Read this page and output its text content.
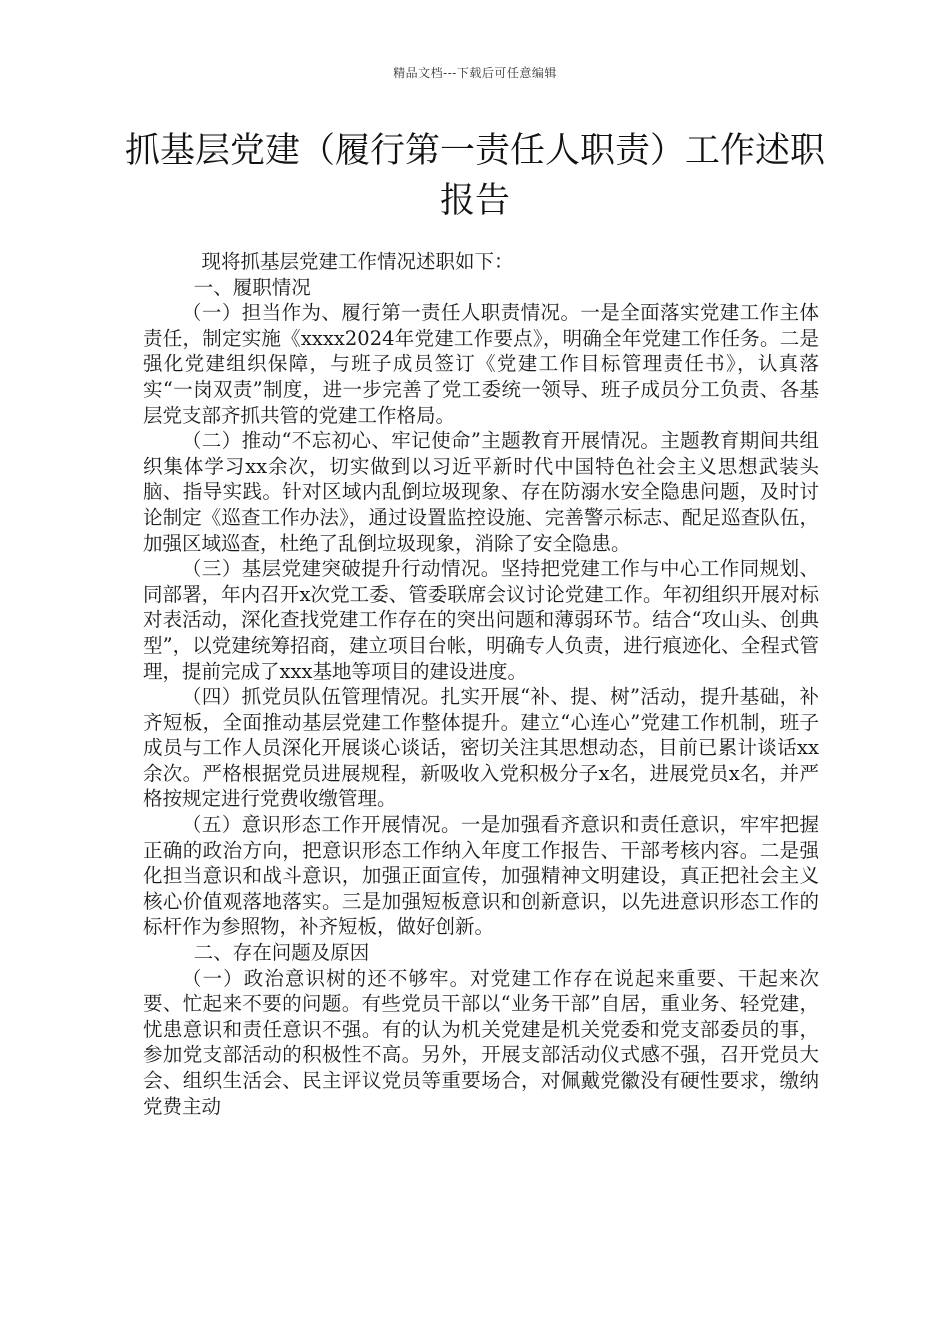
精品文档---下载后可任意编辑
抓基层党建（履行第一责任人职责）工作述职报告

现将抓基层党建工作情况述职如下：

一、履职情况

（一）担当作为、履行第一责任人职责情况。一是全面落实党建工作主体责任，制定实施《xxxx2024年党建工作要点》，明确全年党建工作任务。二是强化党建组织保障，与班子成员签订《党建工作目标管理责任书》，认真落实“一岗双责”制度，进一步完善了党工委统一领导、班子成员分工负责、各基层党支部齐抓共管的党建工作格局。

（二）推动“不忘初心、牢记使命”主题教育开展情况。主题教育期间共组织集体学习xx余次，切实做到以习近平新时代中国特色社会主义思想武装头脑、指导实践。针对区域内乱倒垃圾现象、存在防溺水安全隐患问题，及时讨论制定《巡查工作办法》，通过设置监控设施、完善警示标志、配足巡查队伍，加强区域巡查，杜绝了乱倒垃圾现象，消除了安全隐患。

（三）基层党建突破提升行动情况。坚持把党建工作与中心工作同规划、同部署，年内召开x次党工委、管委联席会议讨论党建工作。年初组织开展对标对表活动，深化查找党建工作存在的突出问题和薄弱环节。结合“攻山头、创典型”，以党建统筹招商，建立项目台帐，明确专人负责，进行痕迹化、全程式管理，提前完成了xxx基地等项目的建设进度。

（四）抓党员队伍管理情况。扎实开展“补、提、树”活动，提升基础，补齐短板，全面推动基层党建工作整体提升。建立“心连心”党建工作机制，班子成员与工作人员深化开展谈心谈话，密切关注其思想动态，目前已累计谈话xx余次。严格根据党员进展规程，新吸收入党积极分子x名，进展党员x名，并严格按规定进行党费收缴管理。

（五）意识形态工作开展情况。一是加强看齐意识和责任意识，牢牢把握正确的政治方向，把意识形态工作纳入年度工作报告、干部考核内容。二是强化担当意识和战斗意识，加强正面宣传，加强精神文明建设，真正把社会主义核心价值观落地落实。三是加强短板意识和创新意识，以先进意识形态工作的标杆作为参照物，补齐短板，做好创新。

二、存在问题及原因

（一）政治意识树的还不够牢。对党建工作存在说起来重要、干起来次要、忙起来不要的问题。有些党员干部以“业务干部”自居，重业务、轻党建，忧患意识和责任意识不强。有的认为机关党建是机关党委和党支部委员的事，参加党支部活动的积极性不高。另外，开展支部活动仪式感不强，召开党员大会、组织生活会、民主评议党员等重要场合，对佩戴党徽没有硬性要求，缴纳党费主动
